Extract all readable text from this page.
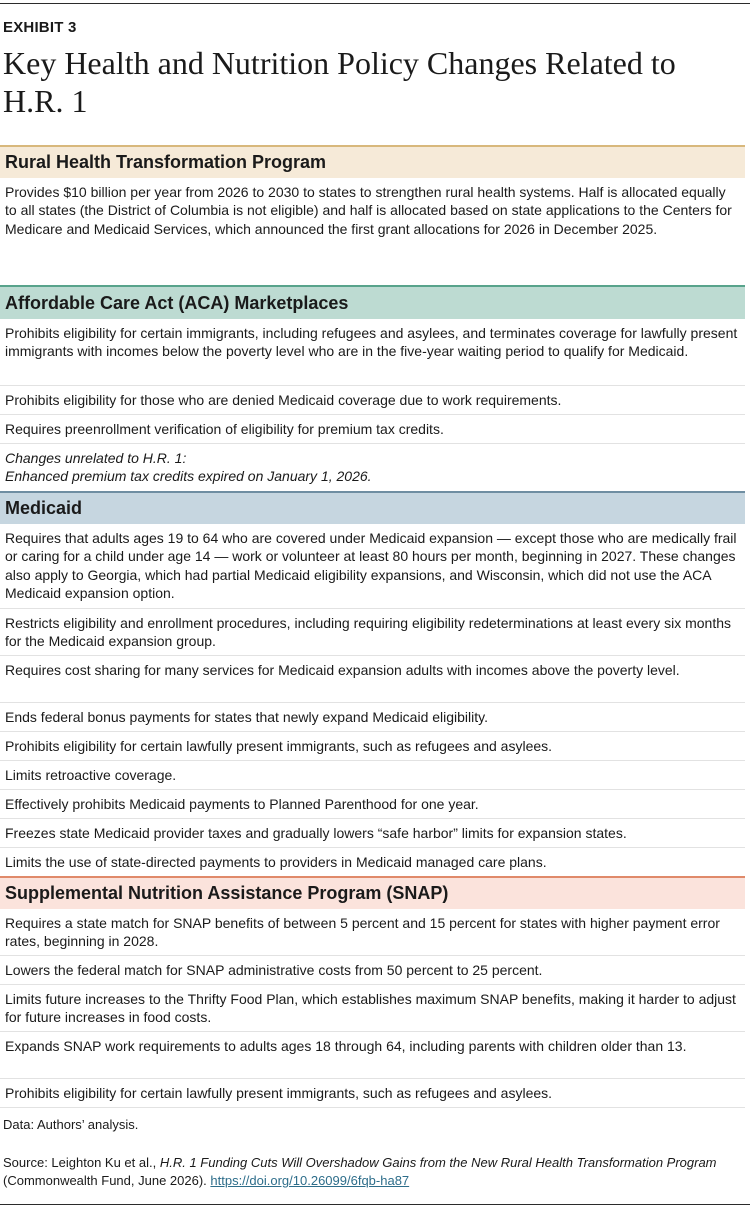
EXHIBIT 3
Key Health and Nutrition Policy Changes Related to H.R. 1
Rural Health Transformation Program
Provides $10 billion per year from 2026 to 2030 to states to strengthen rural health systems. Half is allocated equally to all states (the District of Columbia is not eligible) and half is allocated based on state applications to the Centers for Medicare and Medicaid Services, which announced the first grant allocations for 2026 in December 2025.
Affordable Care Act (ACA) Marketplaces
Prohibits eligibility for certain immigrants, including refugees and asylees, and terminates coverage for lawfully present immigrants with incomes below the poverty level who are in the five-year waiting period to qualify for Medicaid.
Prohibits eligibility for those who are denied Medicaid coverage due to work requirements.
Requires preenrollment verification of eligibility for premium tax credits.
Changes unrelated to H.R. 1:
Enhanced premium tax credits expired on January 1, 2026.
Medicaid
Requires that adults ages 19 to 64 who are covered under Medicaid expansion — except those who are medically frail or caring for a child under age 14 — work or volunteer at least 80 hours per month, beginning in 2027. These changes also apply to Georgia, which had partial Medicaid eligibility expansions, and Wisconsin, which did not use the ACA Medicaid expansion option.
Restricts eligibility and enrollment procedures, including requiring eligibility redeterminations at least every six months for the Medicaid expansion group.
Requires cost sharing for many services for Medicaid expansion adults with incomes above the poverty level.
Ends federal bonus payments for states that newly expand Medicaid eligibility.
Prohibits eligibility for certain lawfully present immigrants, such as refugees and asylees.
Limits retroactive coverage.
Effectively prohibits Medicaid payments to Planned Parenthood for one year.
Freezes state Medicaid provider taxes and gradually lowers “safe harbor” limits for expansion states.
Limits the use of state-directed payments to providers in Medicaid managed care plans.
Supplemental Nutrition Assistance Program (SNAP)
Requires a state match for SNAP benefits of between 5 percent and 15 percent for states with higher payment error rates, beginning in 2028.
Lowers the federal match for SNAP administrative costs from 50 percent to 25 percent.
Limits future increases to the Thrifty Food Plan, which establishes maximum SNAP benefits, making it harder to adjust for future increases in food costs.
Expands SNAP work requirements to adults ages 18 through 64, including parents with children older than 13.
Prohibits eligibility for certain lawfully present immigrants, such as refugees and asylees.
Data: Authors’ analysis.
Source: Leighton Ku et al., H.R. 1 Funding Cuts Will Overshadow Gains from the New Rural Health Transformation Program (Commonwealth Fund, June 2026). https://doi.org/10.26099/6fqb-ha87
